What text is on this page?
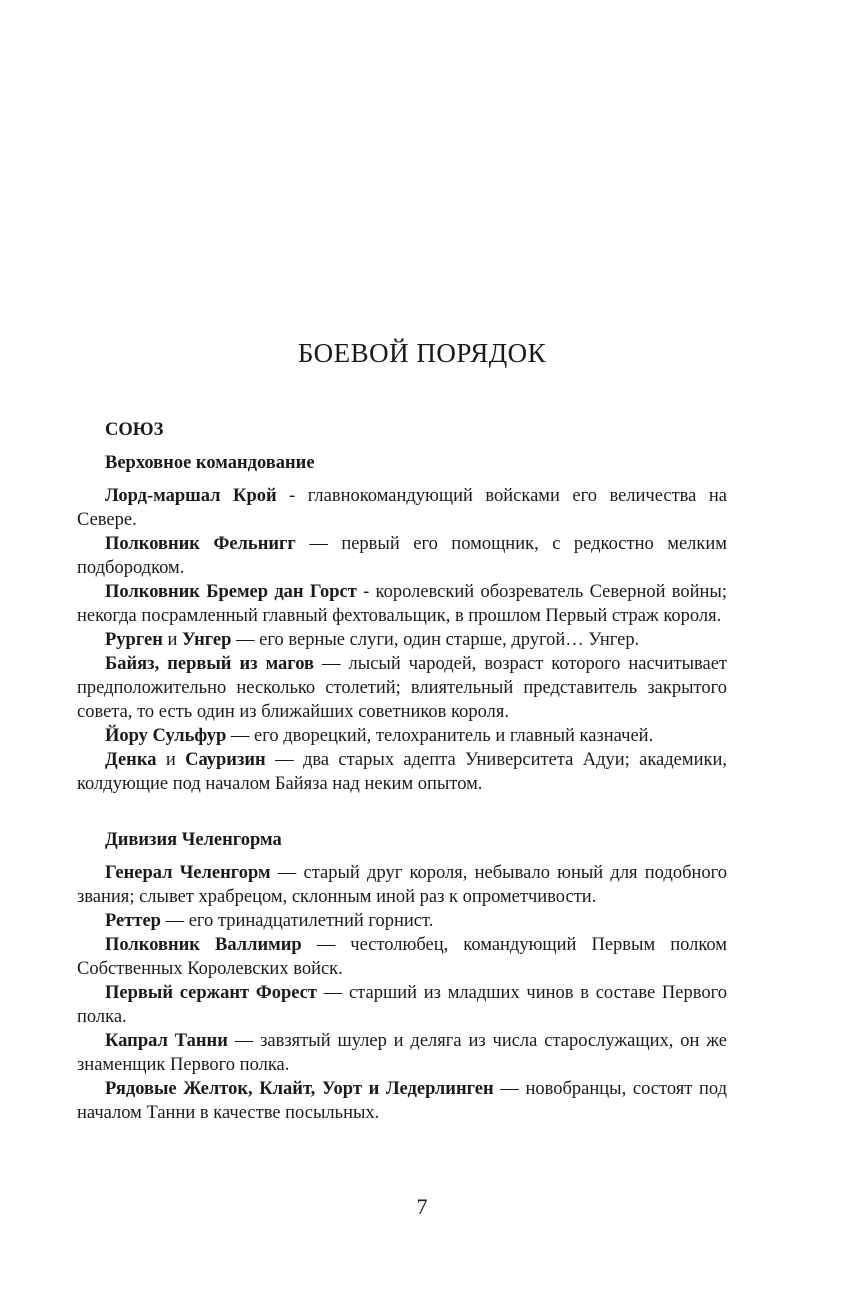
БОЕВОЙ ПОРЯДОК

СОЮЗ

Верховное командование

Лорд-маршал Крой - главнокомандующий войсками его величества на Севере.

Полковник Фельнигг — первый его помощник, с редкостно мелким подбородком.

Полковник Бремер дан Горст - королевский обозреватель Северной войны; некогда посрамленный главный фехтовальщик, в прошлом Первый страж короля.

Рурген и Унгер — его верные слуги, один старше, другой… Унгер.

Байяз, первый из магов — лысый чародей, возраст которого насчитывает предположительно несколько столетий; влиятельный представитель закрытого совета, то есть один из ближайших советников короля.

Йору Сульфур — его дворецкий, телохранитель и главный казначей.

Денка и Сауризин — два старых адепта Университета Адуи; академики, колдующие под началом Байяза над неким опытом.

Дивизия Челенгорма

Генерал Челенгорм — старый друг короля, небывало юный для подобного звания; слывет храбрецом, склонным иной раз к опрометчивости.

Реттер — его тринадцатилетний горнист.

Полковник Валлимир — честолюбец, командующий Первым полком Собственных Королевских войск.

Первый сержант Форест — старший из младших чинов в составе Первого полка.

Капрал Танни — завзятый шулер и деляга из числа старослужащих, он же знаменщик Первого полка.

Рядовые Желток, Клайт, Уорт и Ледерлинген — новобранцы, состоят под началом Танни в качестве посыльных.

7
